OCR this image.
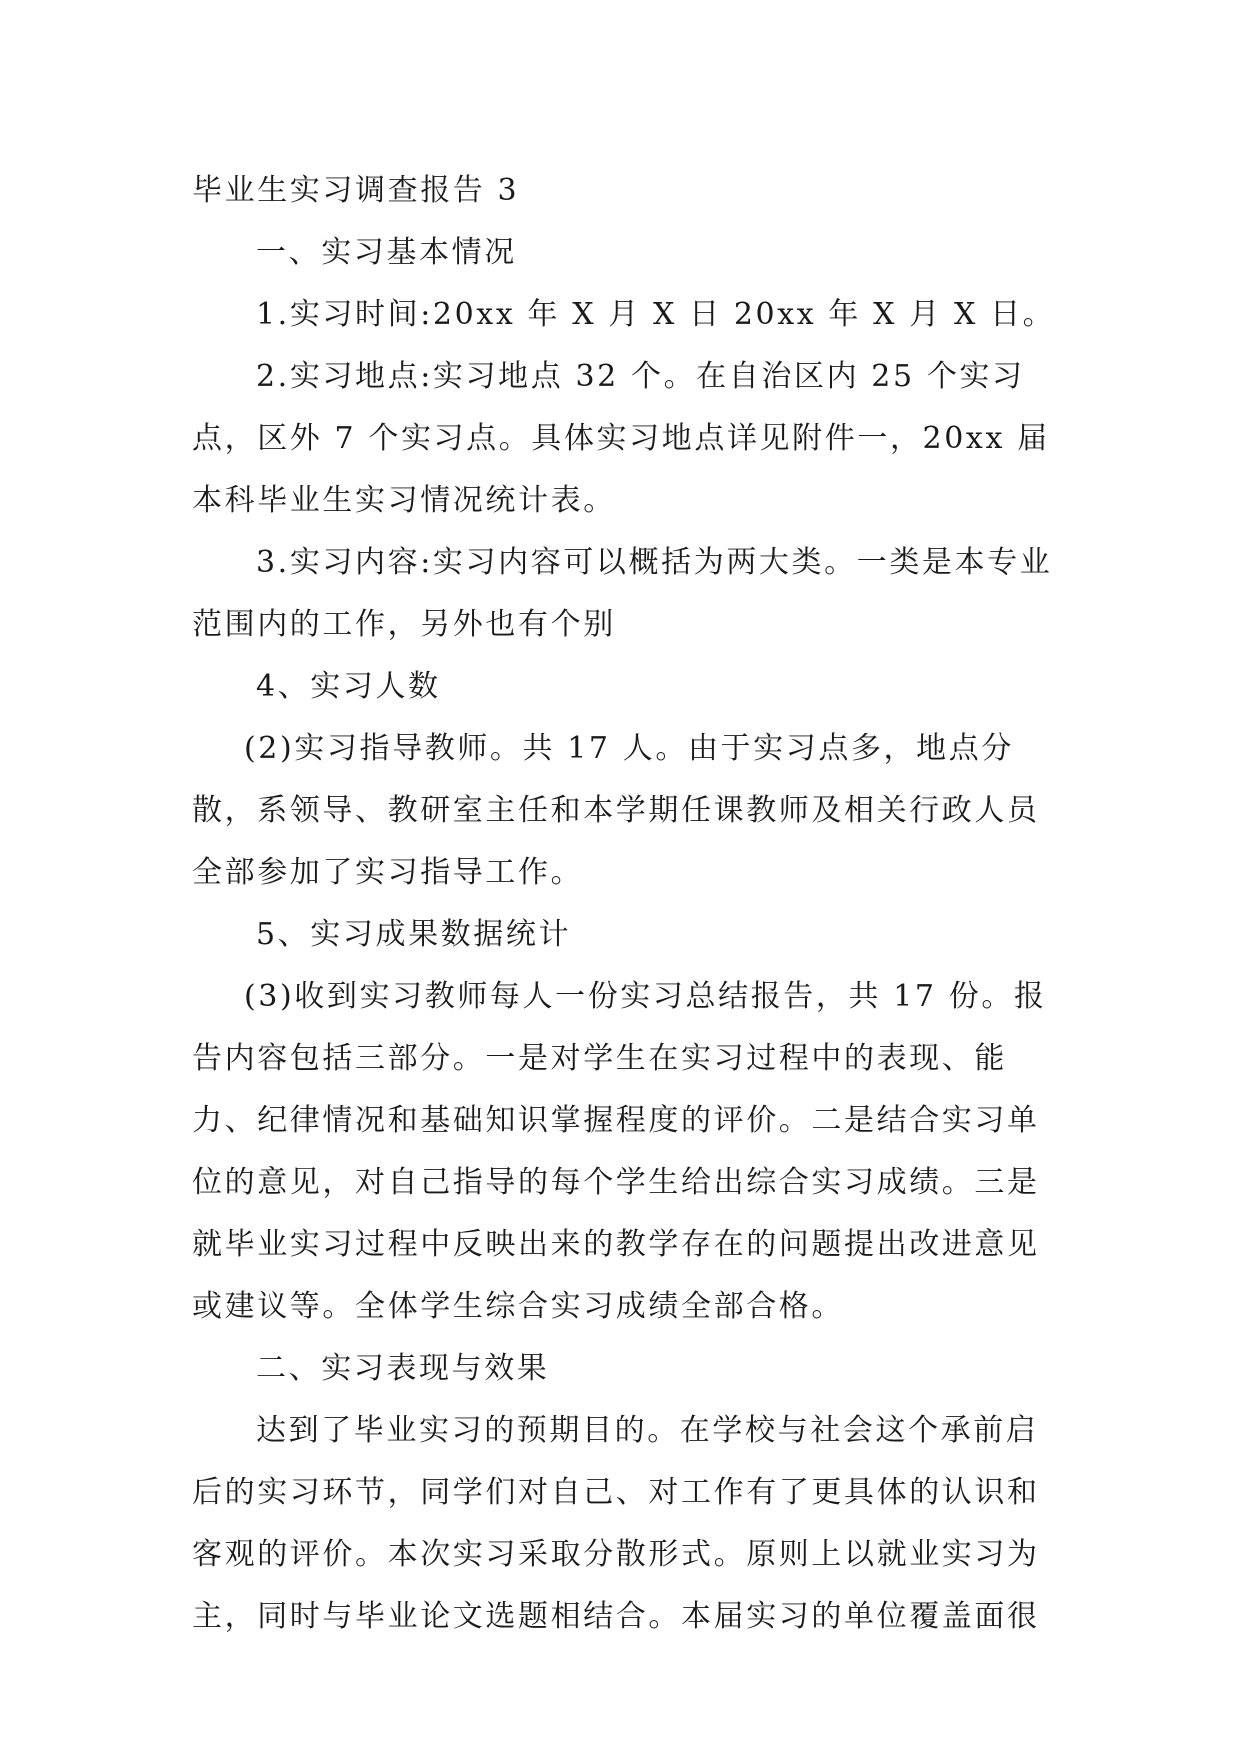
毕业生实习调查报告 3

一、实习基本情况

1.实习时间:20xx 年 X 月 X 日 20xx 年 X 月 X 日。

2.实习地点:实习地点 32 个。在自治区内 25 个实习点，区外 7 个实习点。具体实习地点详见附件一，20xx 届本科毕业生实习情况统计表。

3.实习内容:实习内容可以概括为两大类。一类是本专业范围内的工作，另外也有个别

4、实习人数

(2)实习指导教师。共 17 人。由于实习点多，地点分散，系领导、教研室主任和本学期任课教师及相关行政人员全部参加了实习指导工作。

5、实习成果数据统计

(3)收到实习教师每人一份实习总结报告，共 17 份。报告内容包括三部分。一是对学生在实习过程中的表现、能力、纪律情况和基础知识掌握程度的评价。二是结合实习单位的意见，对自己指导的每个学生给出综合实习成绩。三是就毕业实习过程中反映出来的教学存在的问题提出改进意见或建议等。全体学生综合实习成绩全部合格。

二、实习表现与效果

达到了毕业实习的预期目的。在学校与社会这个承前启后的实习环节，同学们对自己、对工作有了更具体的认识和客观的评价。本次实习采取分散形式。原则上以就业实习为主，同时与毕业论文选题相结合。本届实习的单位覆盖面很
